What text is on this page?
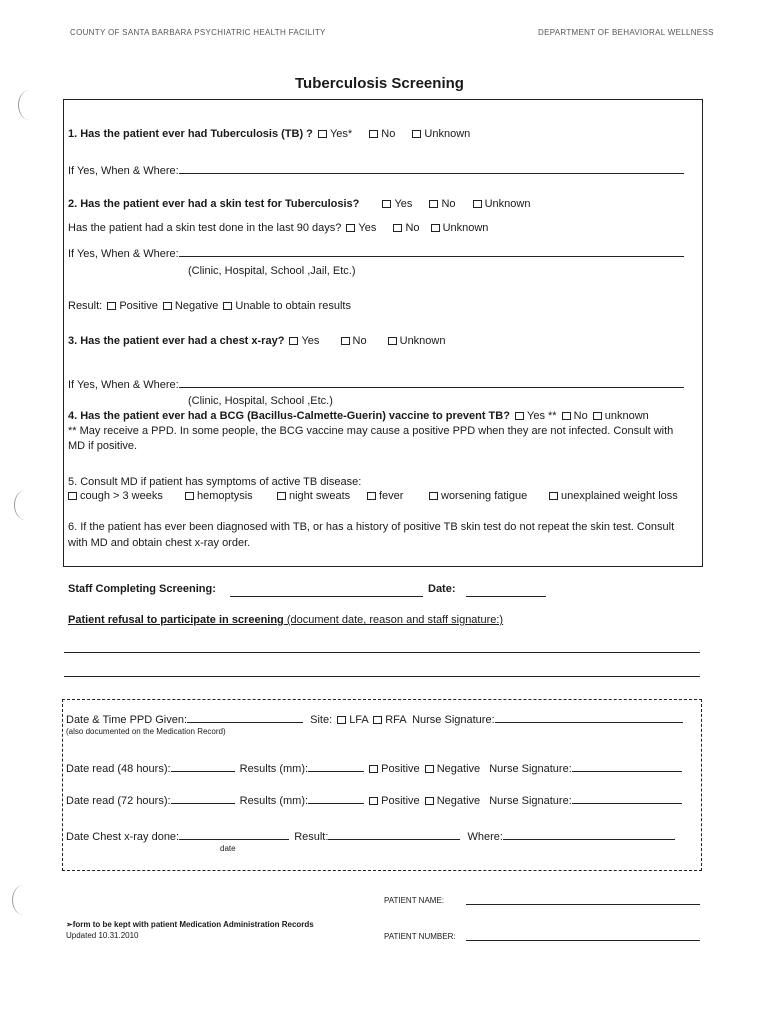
COUNTY OF SANTA BARBARA PSYCHIATRIC HEALTH FACILITY	DEPARTMENT OF BEHAVIORAL WELLNESS
Tuberculosis Screening
1. Has the patient ever had Tuberculosis (TB) ? Yes*	No	Unknown
If Yes, When & Where:
2. Has the patient ever had a skin test for Tuberculosis?	Yes	No	Unknown
Has the patient had a skin test done in the last 90 days? Yes	No Unknown
If Yes, When & Where:
(Clinic, Hospital, School ,Jail, Etc.)
Result: Positive Negative Unable to obtain results
3. Has the patient ever had a chest x-ray? Yes	No	Unknown
If Yes, When & Where:
(Clinic, Hospital, School ,Etc.)
4. Has the patient ever had a BCG (Bacillus-Calmette-Guerin) vaccine to prevent TB? Yes ** No unknown
** May receive a PPD. In some people, the BCG vaccine may cause a positive PPD when they are not infected. Consult with
MD if positive.
5. Consult MD if patient has symptoms of active TB disease:
cough > 3 weeks	hemoptysis	night sweats	fever	worsening fatigue	unexplained weight loss
6. If the patient has ever been diagnosed with TB, or has a history of positive TB skin test do not repeat the skin test. Consult
with MD and obtain chest x-ray order.
Staff Completing Screening:	Date:
Patient refusal to participate in screening (document date, reason and staff signature:)
Date & Time PPD Given:	Site: LFA RFA Nurse Signature:
(also documented on the Medication Record)
Date read (48 hours):	Results (mm):	Positive Negative Nurse Signature:
Date read (72 hours):	Results (mm):	Positive Negative Nurse Signature:
Date Chest x-ray done:	Result:	Where:
date
PATIENT NAME:
➢form to be kept with patient Medication Administration Records
Updated 10.31.2010	PATIENT NUMBER:
